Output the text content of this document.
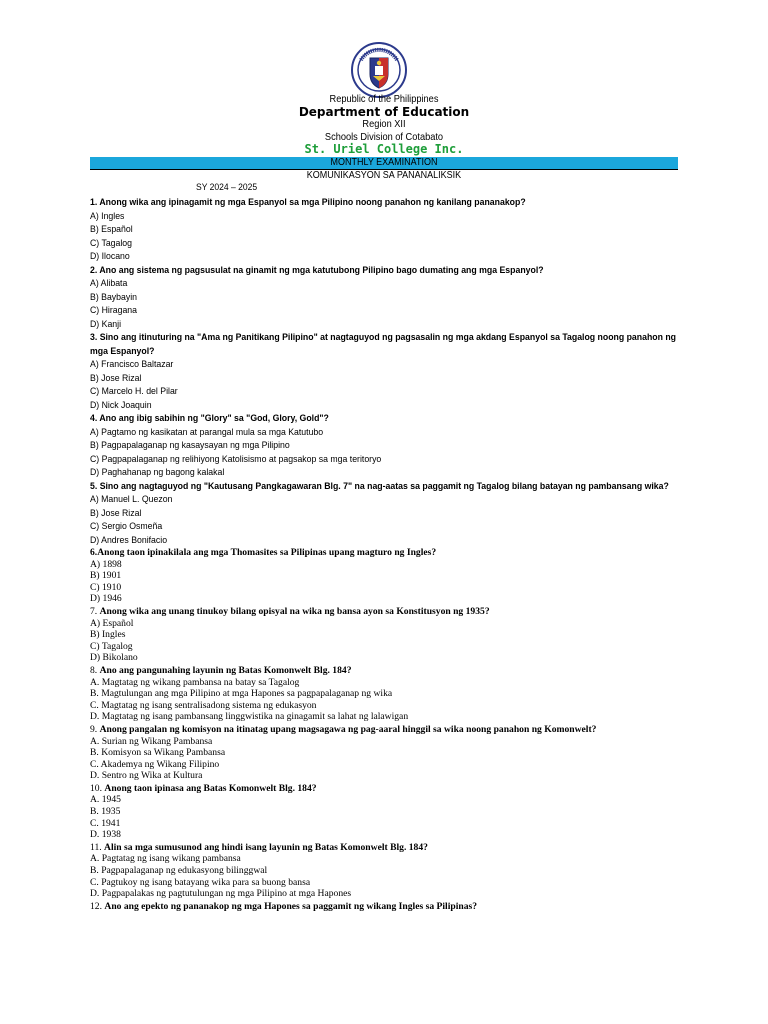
Republic of the Philippines
Department of Education
Region XII
Schools Division of Cotabato
St. Uriel College Inc.
MONTHLY EXAMINATION
KOMUNIKASYON SA PANANALIKSIK
SY 2024 – 2025
1. Anong wika ang ipinagamit ng mga Espanyol sa mga Pilipino noong panahon ng kanilang pananakop?
A) Ingles
B) Español
C) Tagalog
D) Ilocano
2. Ano ang sistema ng pagsusulat na ginamit ng mga katutubong Pilipino bago dumating ang mga Espanyol?
A) Alibata
B) Baybayin
C) Hiragana
D) Kanji
3. Sino ang itinuturing na "Ama ng Panitikang Pilipino" at nagtaguyod ng pagsasalin ng mga akdang Espanyol sa Tagalog noong panahon ng
mga Espanyol?
A) Francisco Baltazar
B) Jose Rizal
C) Marcelo H. del Pilar
D) Nick Joaquin
4. Ano ang ibig sabihin ng "Glory" sa "God, Glory, Gold"?
A) Pagtamo ng kasikatan at parangal mula sa mga Katutubo
B) Pagpapalaganap ng kasaysayan ng mga Pilipino
C) Pagpapalaganap ng relihiyong Katolisismo at pagsakop sa mga teritoryo
D) Paghahanap ng bagong kalakal
5. Sino ang nagtaguyod ng "Kautusang Pangkagawaran Blg. 7" na nag-aatas sa paggamit ng Tagalog bilang batayan ng pambansang wika?
A) Manuel L. Quezon
B) Jose Rizal
C) Sergio Osmeña
D) Andres Bonifacio
6.Anong taon ipinakilala ang mga Thomasites sa Pilipinas upang magturo ng Ingles?
A) 1898
B) 1901
C) 1910
D) 1946
7. Anong wika ang unang tinukoy bilang opisyal na wika ng bansa ayon sa Konstitusyon ng 1935?
A) Español
B) Ingles
C) Tagalog
D) Bikolano
8. Ano ang pangunahing layunin ng Batas Komonwelt Blg. 184?
A. Magtatag ng wikang pambansa na batay sa Tagalog
B. Magtulungan ang mga Pilipino at mga Hapones sa pagpapalaganap ng wika
C. Magtatag ng isang sentralisadong sistema ng edukasyon
D. Magtatag ng isang pambansang linggwistika na ginagamit sa lahat ng lalawigan
9. Anong pangalan ng komisyon na itinatag upang magsagawa ng pag-aaral hinggil sa wika noong panahon ng Komonwelt?
A. Surian ng Wikang Pambansa
B. Komisyon sa Wikang Pambansa
C. Akademya ng Wikang Filipino
D. Sentro ng Wika at Kultura
10. Anong taon ipinasa ang Batas Komonwelt Blg. 184?
A. 1945
B. 1935
C. 1941
D. 1938
11. Alin sa mga sumusunod ang hindi isang layunin ng Batas Komonwelt Blg. 184?
A. Pagtatag ng isang wikang pambansa
B. Pagpapalaganap ng edukasyong bilinggwal
C. Pagtukoy ng isang batayang wika para sa buong bansa
D. Pagpapalakas ng pagtutulungan ng mga Pilipino at mga Hapones
12. Ano ang epekto ng pananakop ng mga Hapones sa paggamit ng wikang Ingles sa Pilipinas?
